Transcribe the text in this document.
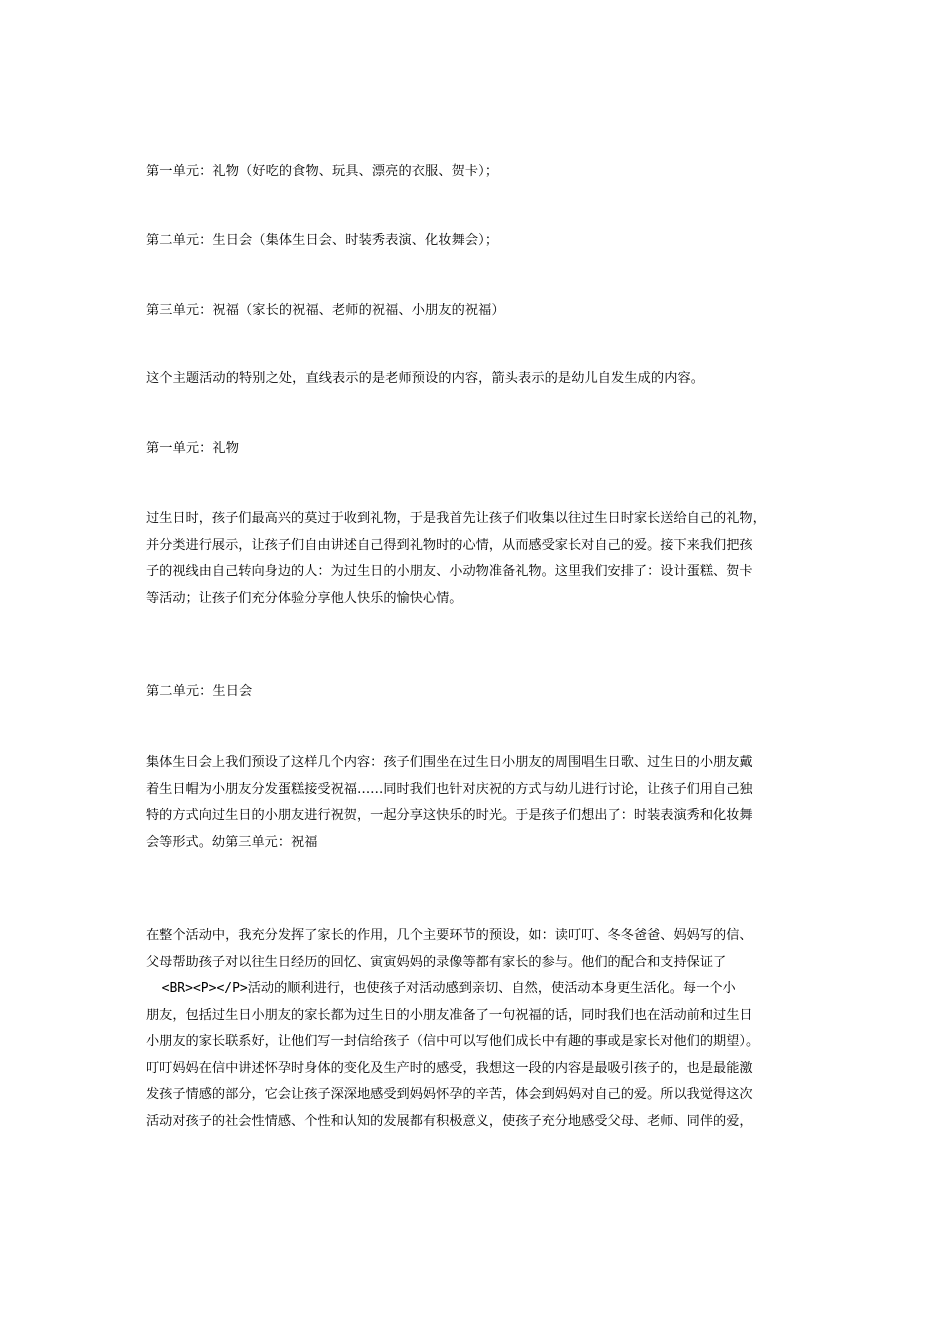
第一单元：礼物（好吃的食物、玩具、漂亮的衣服、贺卡）；
第二单元：生日会（集体生日会、时装秀表演、化妆舞会）；
第三单元：祝福（家长的祝福、老师的祝福、小朋友的祝福）
这个主题活动的特别之处，直线表示的是老师预设的内容，箭头表示的是幼儿自发生成的内容。
第一单元：礼物
过生日时，孩子们最高兴的莫过于收到礼物，于是我首先让孩子们收集以往过生日时家长送给自己的礼物，
并分类进行展示，让孩子们自由讲述自己得到礼物时的心情，从而感受家长对自己的爱。接下来我们把孩
子的视线由自己转向身边的人：为过生日的小朋友、小动物准备礼物。这里我们安排了：设计蛋糕、贺卡
等活动；让孩子们充分体验分享他人快乐的愉快心情。
第二单元：生日会
集体生日会上我们预设了这样几个内容：孩子们围坐在过生日小朋友的周围唱生日歌、过生日的小朋友戴
着生日帽为小朋友分发蛋糕接受祝福……同时我们也针对庆祝的方式与幼儿进行讨论，让孩子们用自己独
特的方式向过生日的小朋友进行祝贺，一起分享这快乐的时光。于是孩子们想出了：时装表演秀和化妆舞
会等形式。幼第三单元：祝福
在整个活动中，我充分发挥了家长的作用，几个主要环节的预设，如：读叮叮、冬冬爸爸、妈妈写的信、
父母帮助孩子对以往生日经历的回忆、寅寅妈妈的录像等都有家长的参与。他们的配合和支持保证了
<BR><P></P>活动的顺利进行，也使孩子对活动感到亲切、自然，使活动本身更生活化。每一个小
朋友，包括过生日小朋友的家长都为过生日的小朋友准备了一句祝福的话，同时我们也在活动前和过生日
小朋友的家长联系好，让他们写一封信给孩子（信中可以写他们成长中有趣的事或是家长对他们的期望）。
叮叮妈妈在信中讲述怀孕时身体的变化及生产时的感受，我想这一段的内容是最吸引孩子的，也是最能激
发孩子情感的部分，它会让孩子深深地感受到妈妈怀孕的辛苦，体会到妈妈对自己的爱。所以我觉得这次
活动对孩子的社会性情感、个性和认知的发展都有积极意义，使孩子充分地感受父母、老师、同伴的爱，
